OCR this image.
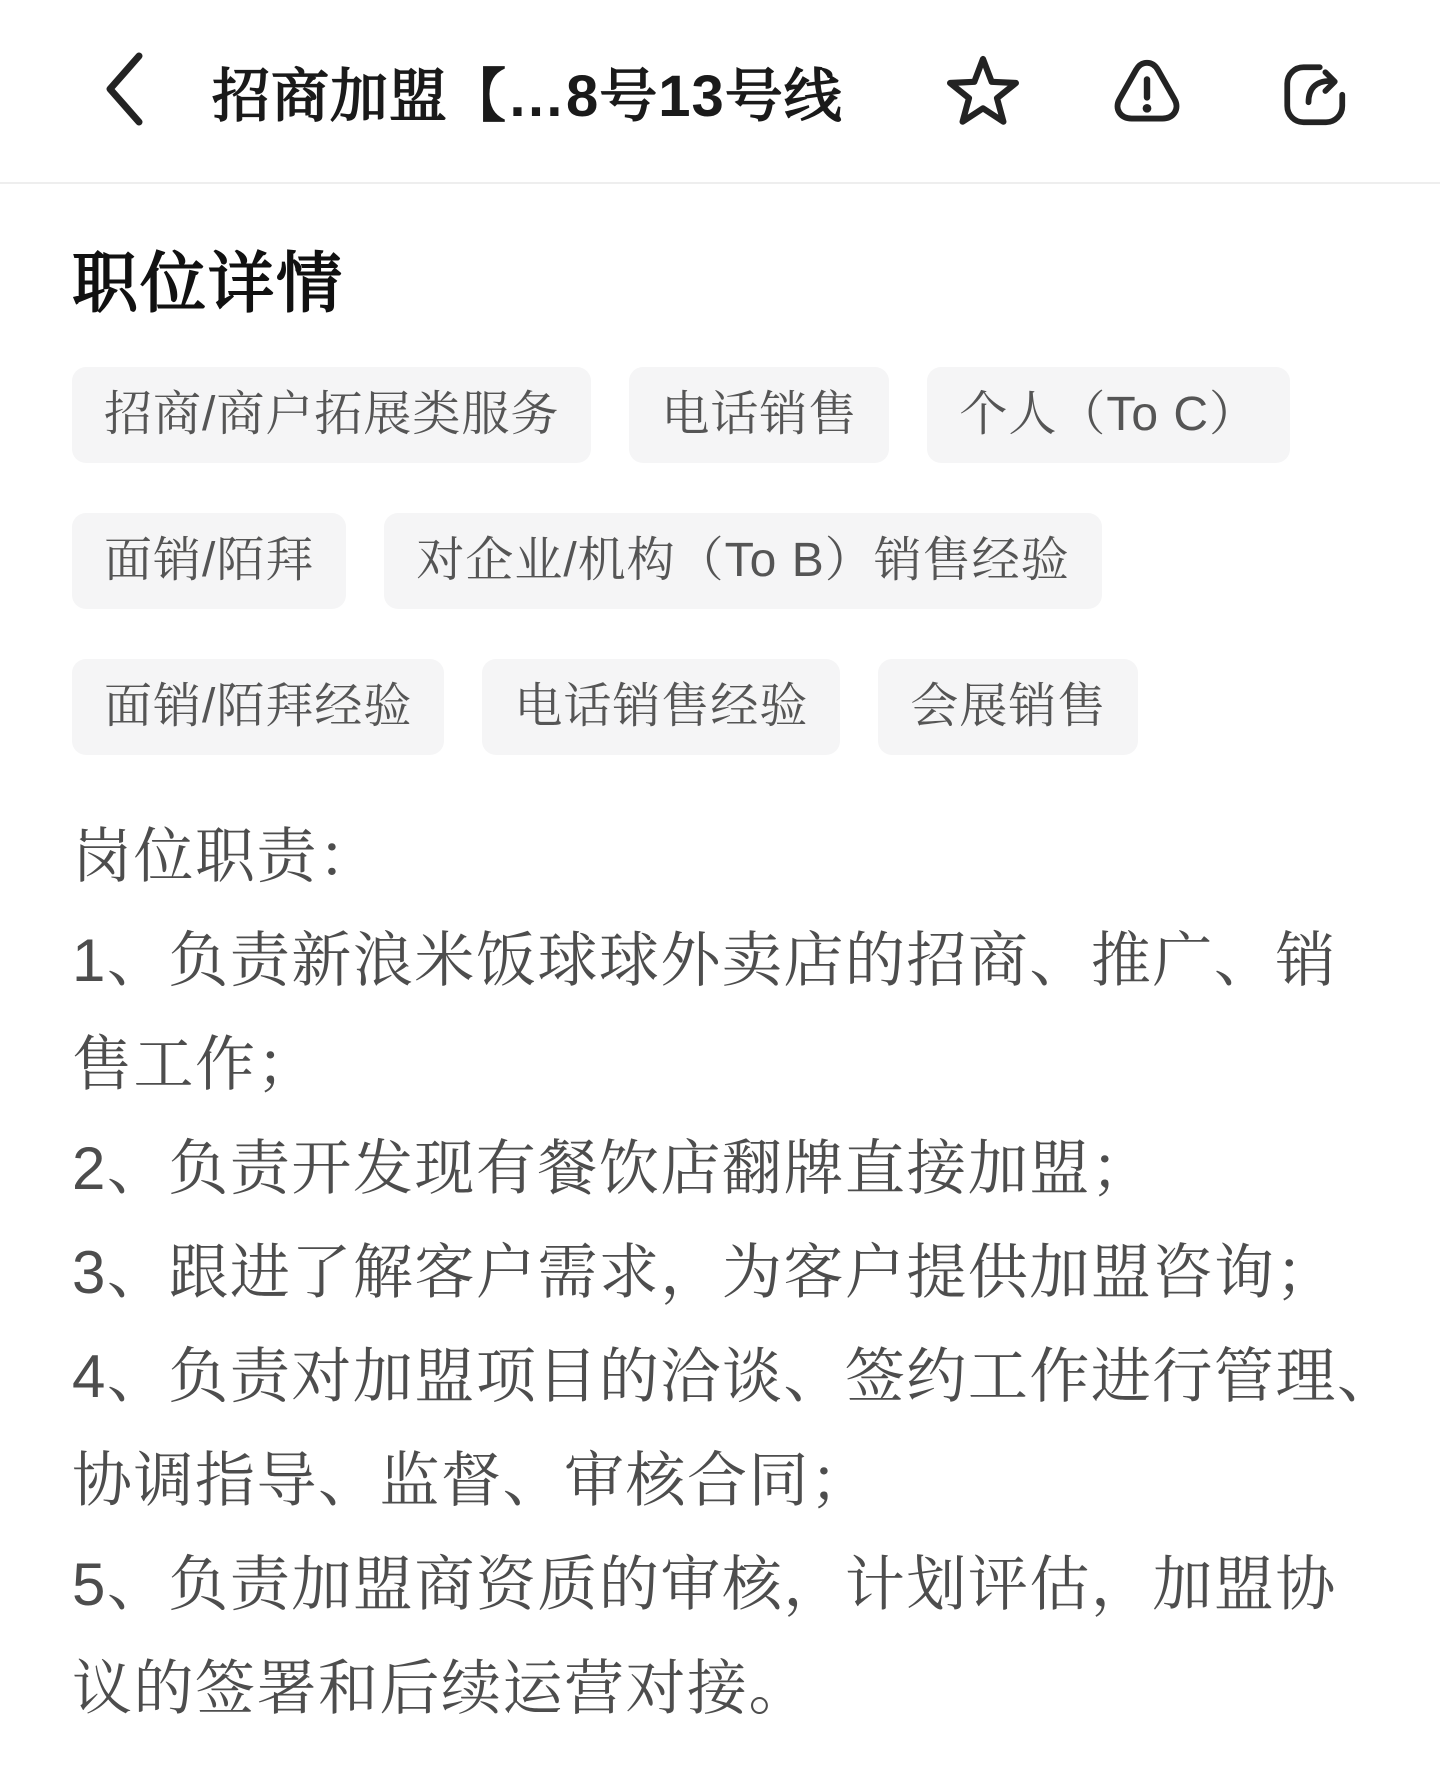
招商加盟【…8号13号线
职位详情
招商/商户拓展类服务	电话销售	个人（To C）
面销/陌拜	对企业/机构（To B）销售经验
面销/陌拜经验	电话销售经验	会展销售
岗位职责：
1、负责新浪米饭球球外卖店的招商、推广、销
售工作；
2、负责开发现有餐饮店翻牌直接加盟；
3、跟进了解客户需求，为客户提供加盟咨询；
4、负责对加盟项目的洽谈、签约工作进行管理、
协调指导、监督、审核合同；
5、负责加盟商资质的审核，计划评估，加盟协
议的签署和后续运营对接。
